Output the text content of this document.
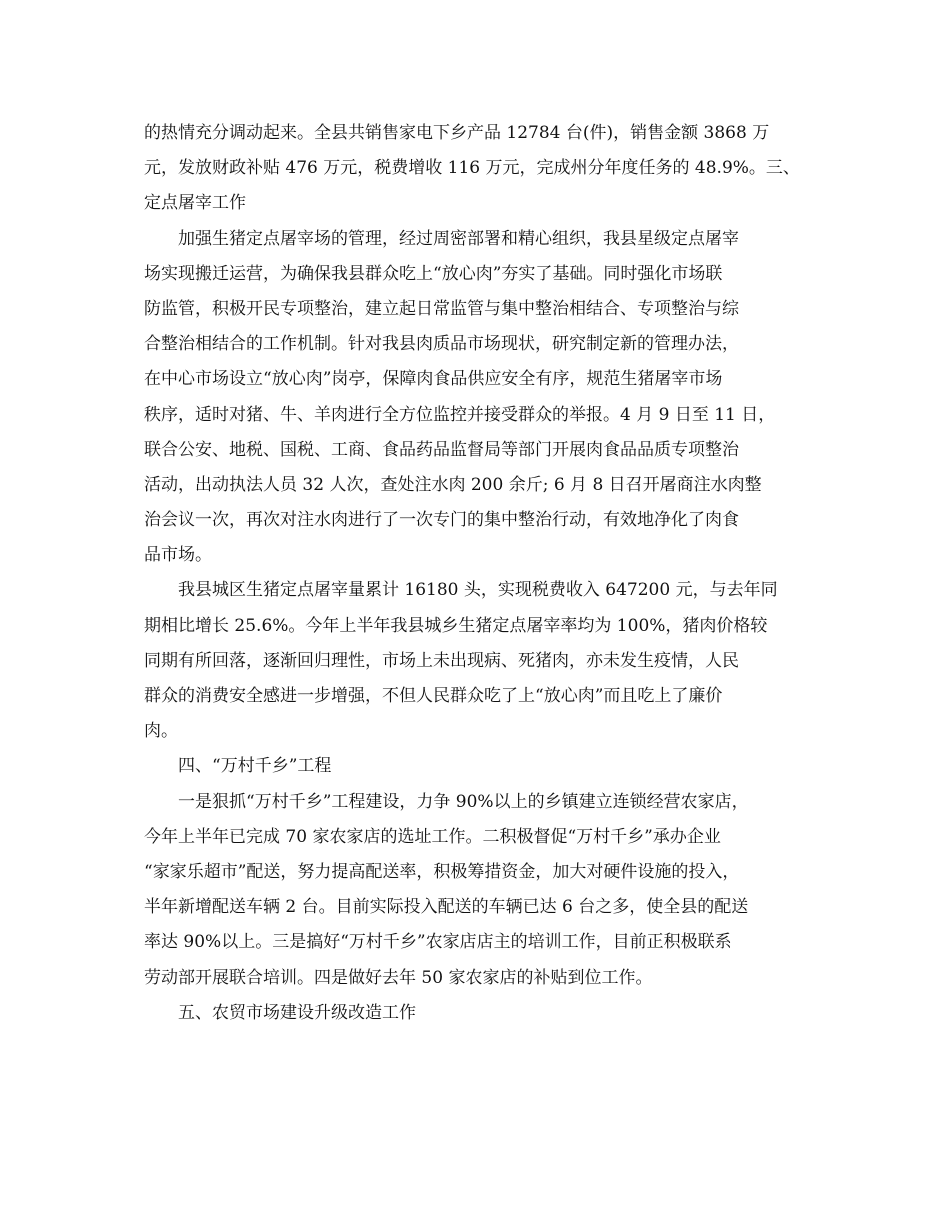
的热情充分调动起来。全县共销售家电下乡产品 12784 台(件)，销售金额 3868 万
元，发放财政补贴 476 万元，税费增收 116 万元，完成州分年度任务的 48.9%。三、
定点屠宰工作
加强生猪定点屠宰场的管理，经过周密部署和精心组织，我县星级定点屠宰
场实现搬迁运营，为确保我县群众吃上“放心肉”夯实了基础。同时强化市场联
防监管，积极开民专项整治，建立起日常监管与集中整治相结合、专项整治与综
合整治相结合的工作机制。针对我县肉质品市场现状，研究制定新的管理办法，
在中心市场设立“放心肉”岗亭，保障肉食品供应安全有序，规范生猪屠宰市场
秩序，适时对猪、牛、羊肉进行全方位监控并接受群众的举报。4 月 9 日至 11 日，
联合公安、地税、国税、工商、食品药品监督局等部门开展肉食品品质专项整治
活动，出动执法人员 32 人次，查处注水肉 200 余斤; 6 月 8 日召开屠商注水肉整
治会议一次，再次对注水肉进行了一次专门的集中整治行动，有效地净化了肉食
品市场。
我县城区生猪定点屠宰量累计 16180 头，实现税费收入 647200 元，与去年同
期相比增长 25.6%。今年上半年我县城乡生猪定点屠宰率均为 100%，猪肉价格较
同期有所回落，逐渐回归理性，市场上未出现病、死猪肉，亦未发生疫情，人民
群众的消费安全感进一步增强，不但人民群众吃了上“放心肉”而且吃上了廉价
肉。
四、“万村千乡”工程
一是狠抓“万村千乡”工程建设，力争 90%以上的乡镇建立连锁经营农家店，
今年上半年已完成 70 家农家店的选址工作。二积极督促“万村千乡”承办企业
“家家乐超市”配送，努力提高配送率，积极筹措资金，加大对硬件设施的投入，
半年新增配送车辆 2 台。目前实际投入配送的车辆已达 6 台之多，使全县的配送
率达 90%以上。三是搞好“万村千乡”农家店店主的培训工作，目前正积极联系
劳动部开展联合培训。四是做好去年 50 家农家店的补贴到位工作。
五、农贸市场建设升级改造工作
